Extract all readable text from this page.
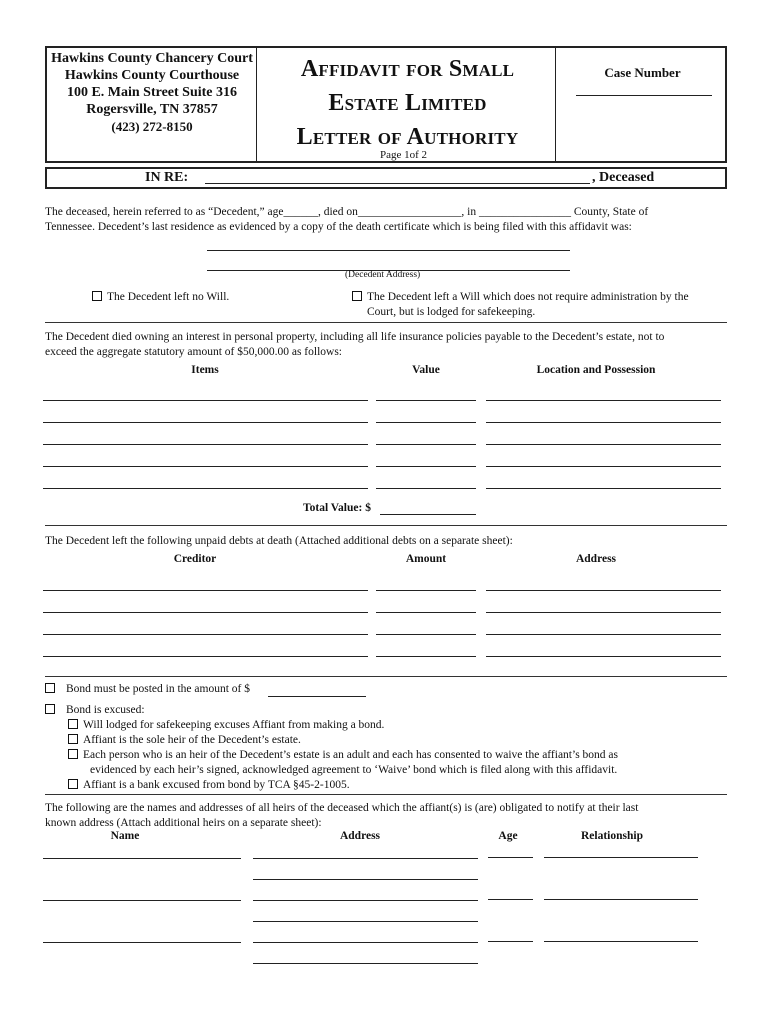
Hawkins County Chancery Court
Hawkins County Courthouse
100 E. Main Street Suite 316
Rogersville, TN 37857
(423) 272-8150
Affidavit for Small
Estate Limited
Letter of Authority
Page 1of 2
Case Number
IN RE:	, Deceased
The deceased, herein referred to as “Decedent,” age______, died on__________________, in ________________ County, State of
Tennessee. Decedent’s last residence as evidenced by a copy of the death certificate which is being filed with this affidavit was:
(Decedent Address)
The Decedent left no Will.	The Decedent left a Will which does not require administration by the
Court, but is lodged for safekeeping.
The Decedent died owning an interest in personal property, including all life insurance policies payable to the Decedent’s estate, not to
exceed the aggregate statutory amount of $50,000.00 as follows:
Items	Value	Location and Possession
Total Value: $
The Decedent left the following unpaid debts at death (Attached additional debts on a separate sheet):
Creditor	Amount	Address
Bond must be posted in the amount of $
Bond is excused:
Will lodged for safekeeping excuses Affiant from making a bond.
Affiant is the sole heir of the Decedent’s estate.
Each person who is an heir of the Decedent’s estate is an adult and each has consented to waive the affiant’s bond as
evidenced by each heir’s signed, acknowledged agreement to ‘Waive’ bond which is filed along with this affidavit.
Affiant is a bank excused from bond by TCA §45-2-1005.
The following are the names and addresses of all heirs of the deceased which the affiant(s) is (are) obligated to notify at their last
known address (Attach additional heirs on a separate sheet):
Name	Address	Age	Relationship
